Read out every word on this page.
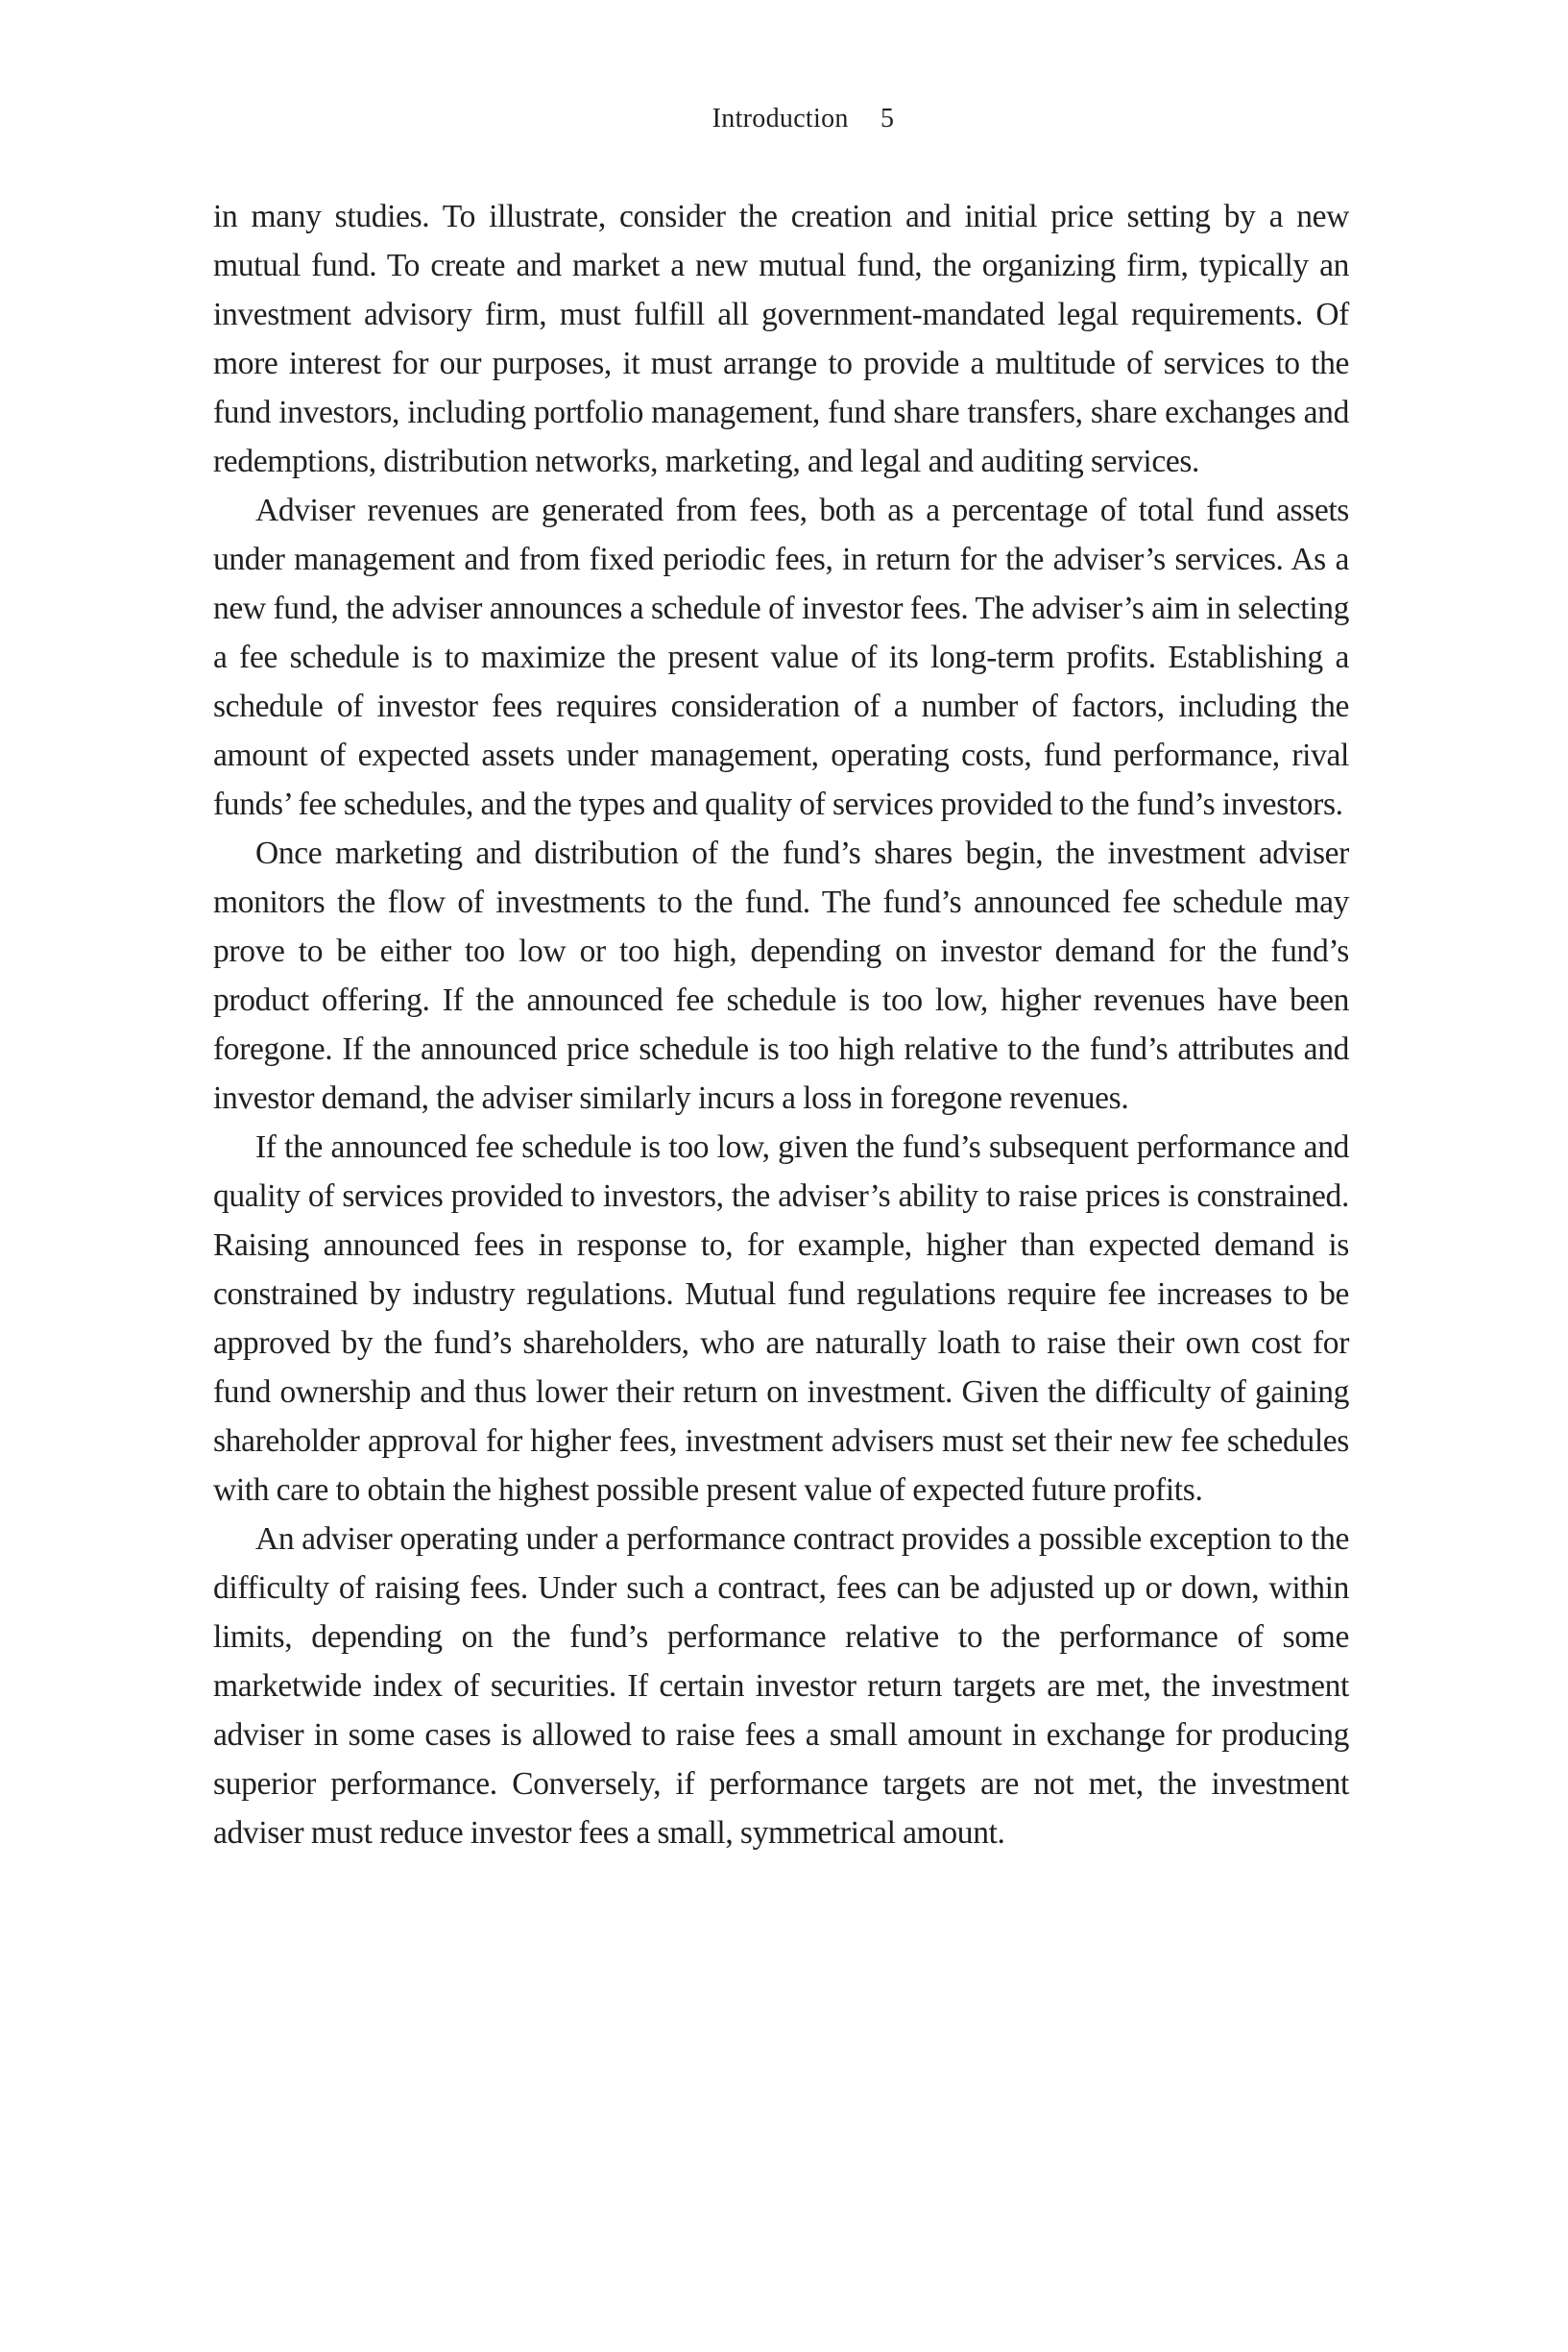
Introduction 5

in many studies. To illustrate, consider the creation and initial price setting by a new mutual fund. To create and market a new mutual fund, the organizing firm, typically an investment advisory firm, must fulfill all government-mandated legal requirements. Of more interest for our purposes, it must arrange to provide a multitude of services to the fund investors, including portfolio management, fund share transfers, share exchanges and redemptions, distribution networks, marketing, and legal and auditing services.

Adviser revenues are generated from fees, both as a percentage of total fund assets under management and from fixed periodic fees, in return for the adviser’s services. As a new fund, the adviser announces a schedule of investor fees. The adviser’s aim in selecting a fee schedule is to maximize the present value of its long-term profits. Establishing a schedule of investor fees requires consideration of a number of factors, including the amount of expected assets under management, operating costs, fund performance, rival funds’ fee schedules, and the types and quality of services provided to the fund’s investors.

Once marketing and distribution of the fund’s shares begin, the investment adviser monitors the flow of investments to the fund. The fund’s announced fee schedule may prove to be either too low or too high, depending on investor demand for the fund’s product offering. If the announced fee schedule is too low, higher revenues have been foregone. If the announced price schedule is too high relative to the fund’s attributes and investor demand, the adviser similarly incurs a loss in foregone revenues.

If the announced fee schedule is too low, given the fund’s subsequent performance and quality of services provided to investors, the adviser’s ability to raise prices is constrained. Raising announced fees in response to, for example, higher than expected demand is constrained by industry regulations. Mutual fund regulations require fee increases to be approved by the fund’s shareholders, who are naturally loath to raise their own cost for fund ownership and thus lower their return on investment. Given the difficulty of gaining shareholder approval for higher fees, investment advisers must set their new fee schedules with care to obtain the highest possible present value of expected future profits.

An adviser operating under a performance contract provides a possible exception to the difficulty of raising fees. Under such a contract, fees can be adjusted up or down, within limits, depending on the fund’s performance relative to the performance of some marketwide index of securities. If certain investor return targets are met, the investment adviser in some cases is allowed to raise fees a small amount in exchange for producing superior performance. Conversely, if performance targets are not met, the investment adviser must reduce investor fees a small, symmetrical amount.
